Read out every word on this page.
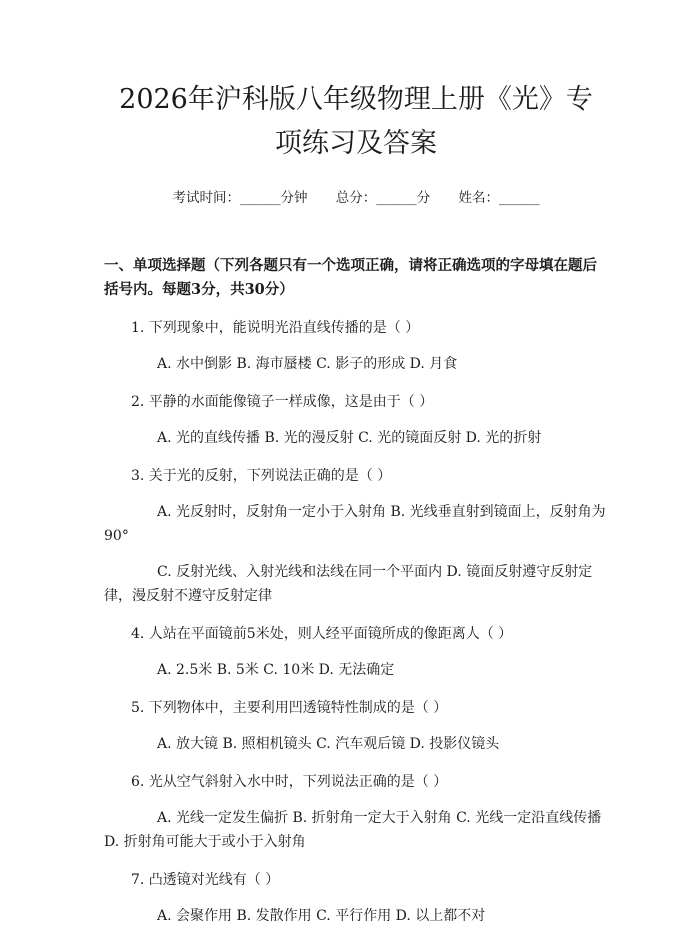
2026年沪科版八年级物理上册《光》专项练习及答案
考试时间：______分钟 总分：______分 姓名：______
一、单项选择题（下列各题只有一个选项正确，请将正确选项的字母填在题后括号内。每题3分，共30分）
1. 下列现象中，能说明光沿直线传播的是（ ）
A. 水中倒影 B. 海市蜃楼 C. 影子的形成 D. 月食
2. 平静的水面能像镜子一样成像，这是由于（ ）
A. 光的直线传播 B. 光的漫反射 C. 光的镜面反射 D. 光的折射
3. 关于光的反射，下列说法正确的是（ ）
A. 光反射时，反射角一定小于入射角 B. 光线垂直射到镜面上，反射角为90°
C. 反射光线、入射光线和法线在同一个平面内 D. 镜面反射遵守反射定律，漫反射不遵守反射定律
4. 人站在平面镜前5米处，则人经平面镜所成的像距离人（ ）
A. 2.5米 B. 5米 C. 10米 D. 无法确定
5. 下列物体中，主要利用凹透镜特性制成的是（ ）
A. 放大镜 B. 照相机镜头 C. 汽车观后镜 D. 投影仪镜头
6. 光从空气斜射入水中时，下列说法正确的是（ ）
A. 光线一定发生偏折 B. 折射角一定大于入射角 C. 光线一定沿直线传播 D. 折射角可能大于或小于入射角
7. 凸透镜对光线有（ ）
A. 会聚作用 B. 发散作用 C. 平行作用 D. 以上都不对
